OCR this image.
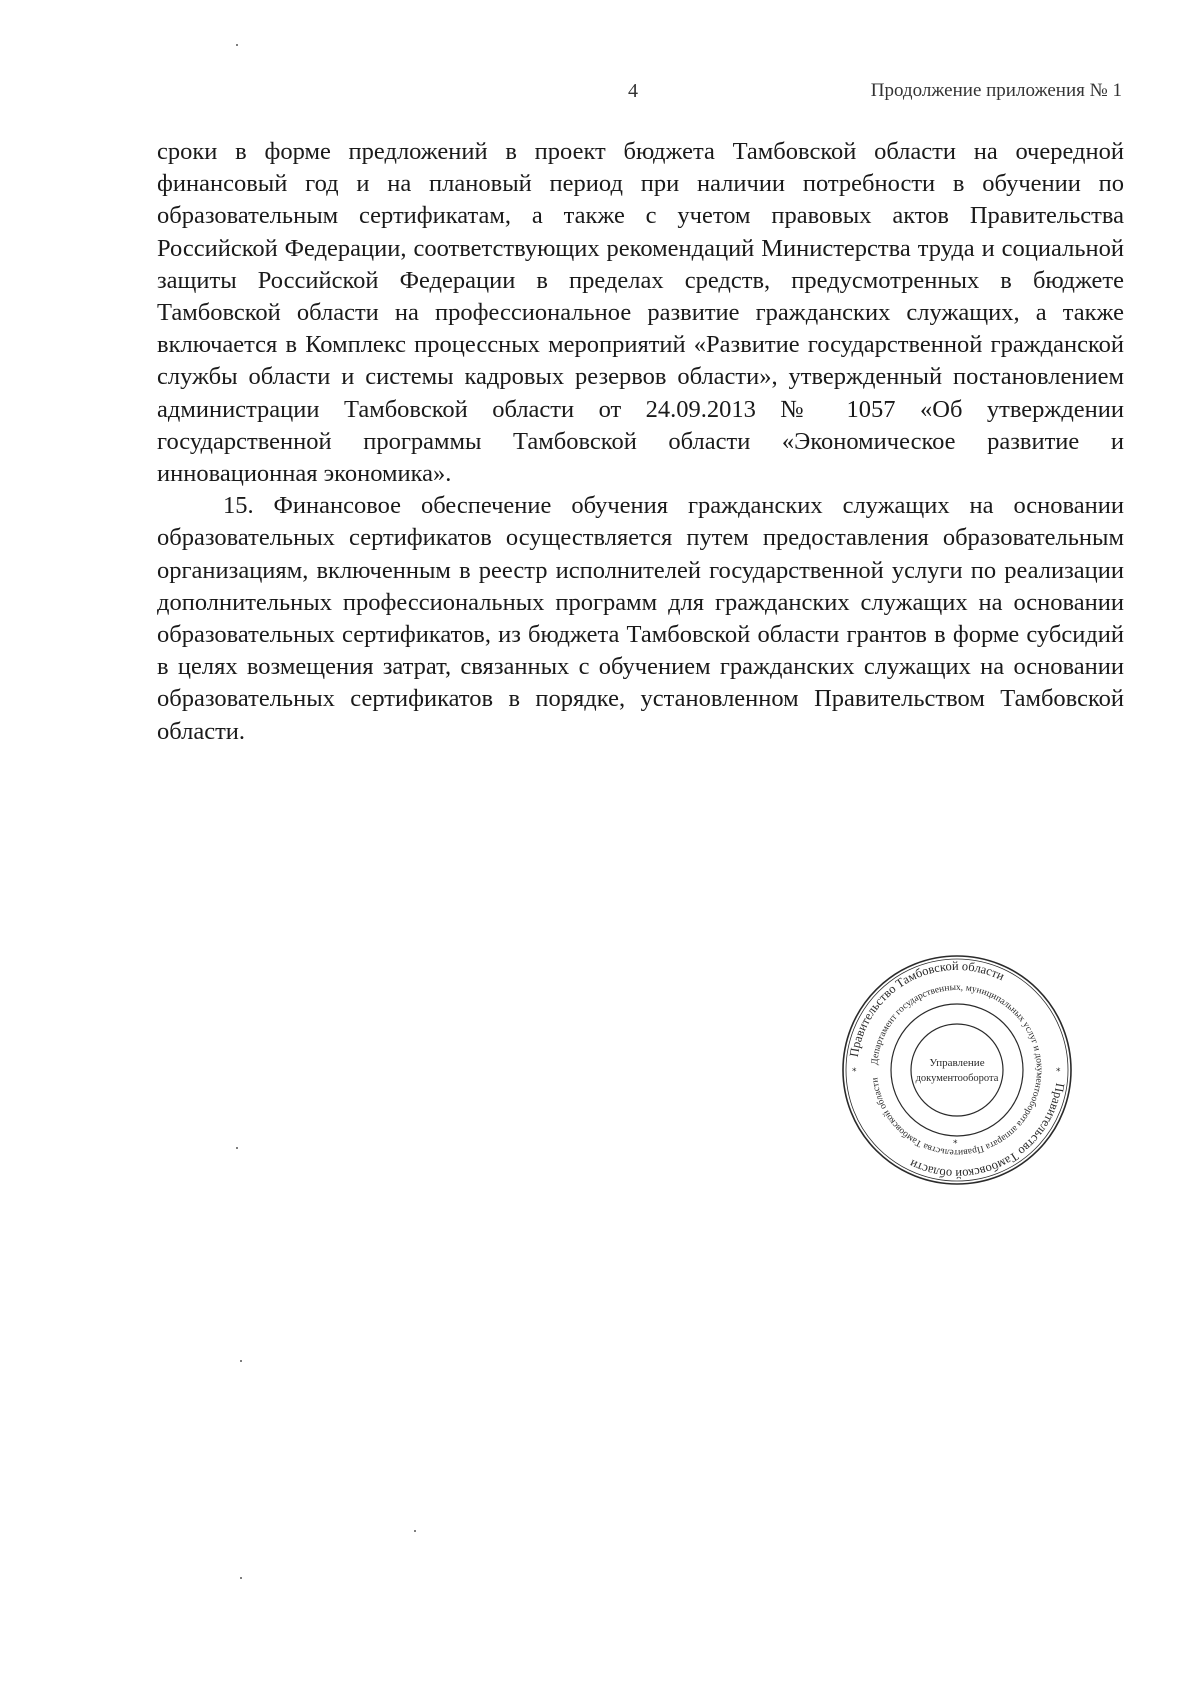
4	Продолжение приложения № 1

сроки в форме предложений в проект бюджета Тамбовской области на очередной финансовый год и на плановый период при наличии потребности в обучении по образовательным сертификатам, а также с учетом правовых актов Правительства Российской Федерации, соответствующих рекомендаций Министерства труда и социальной защиты Российской Федерации в пределах средств, предусмотренных в бюджете Тамбовской области на профессиональное развитие гражданских служащих, а также включается в Комплекс процессных мероприятий «Развитие государственной гражданской службы области и системы кадровых резервов области», утвержденный постановлением администрации Тамбовской области от 24.09.2013 № 1057 «Об утверждении государственной программы Тамбовской области «Экономическое развитие и инновационная экономика».

15. Финансовое обеспечение обучения гражданских служащих на основании образовательных сертификатов осуществляется путем предоставления образовательным организациям, включенным в реестр исполнителей государственной услуги по реализации дополнительных профессиональных программ для гражданских служащих на основании образовательных сертификатов, из бюджета Тамбовской области грантов в форме субсидий в целях возмещения затрат, связанных с обучением гражданских служащих на основании образовательных сертификатов в порядке, установленном Правительством Тамбовской области.

Правительство Тамбовской области
Правительство Тамбовской области
Департамент государственных, муниципальных услуг и документооборота аппарата Правительства Тамбовской области
Управление
документооборота
*	*
*
